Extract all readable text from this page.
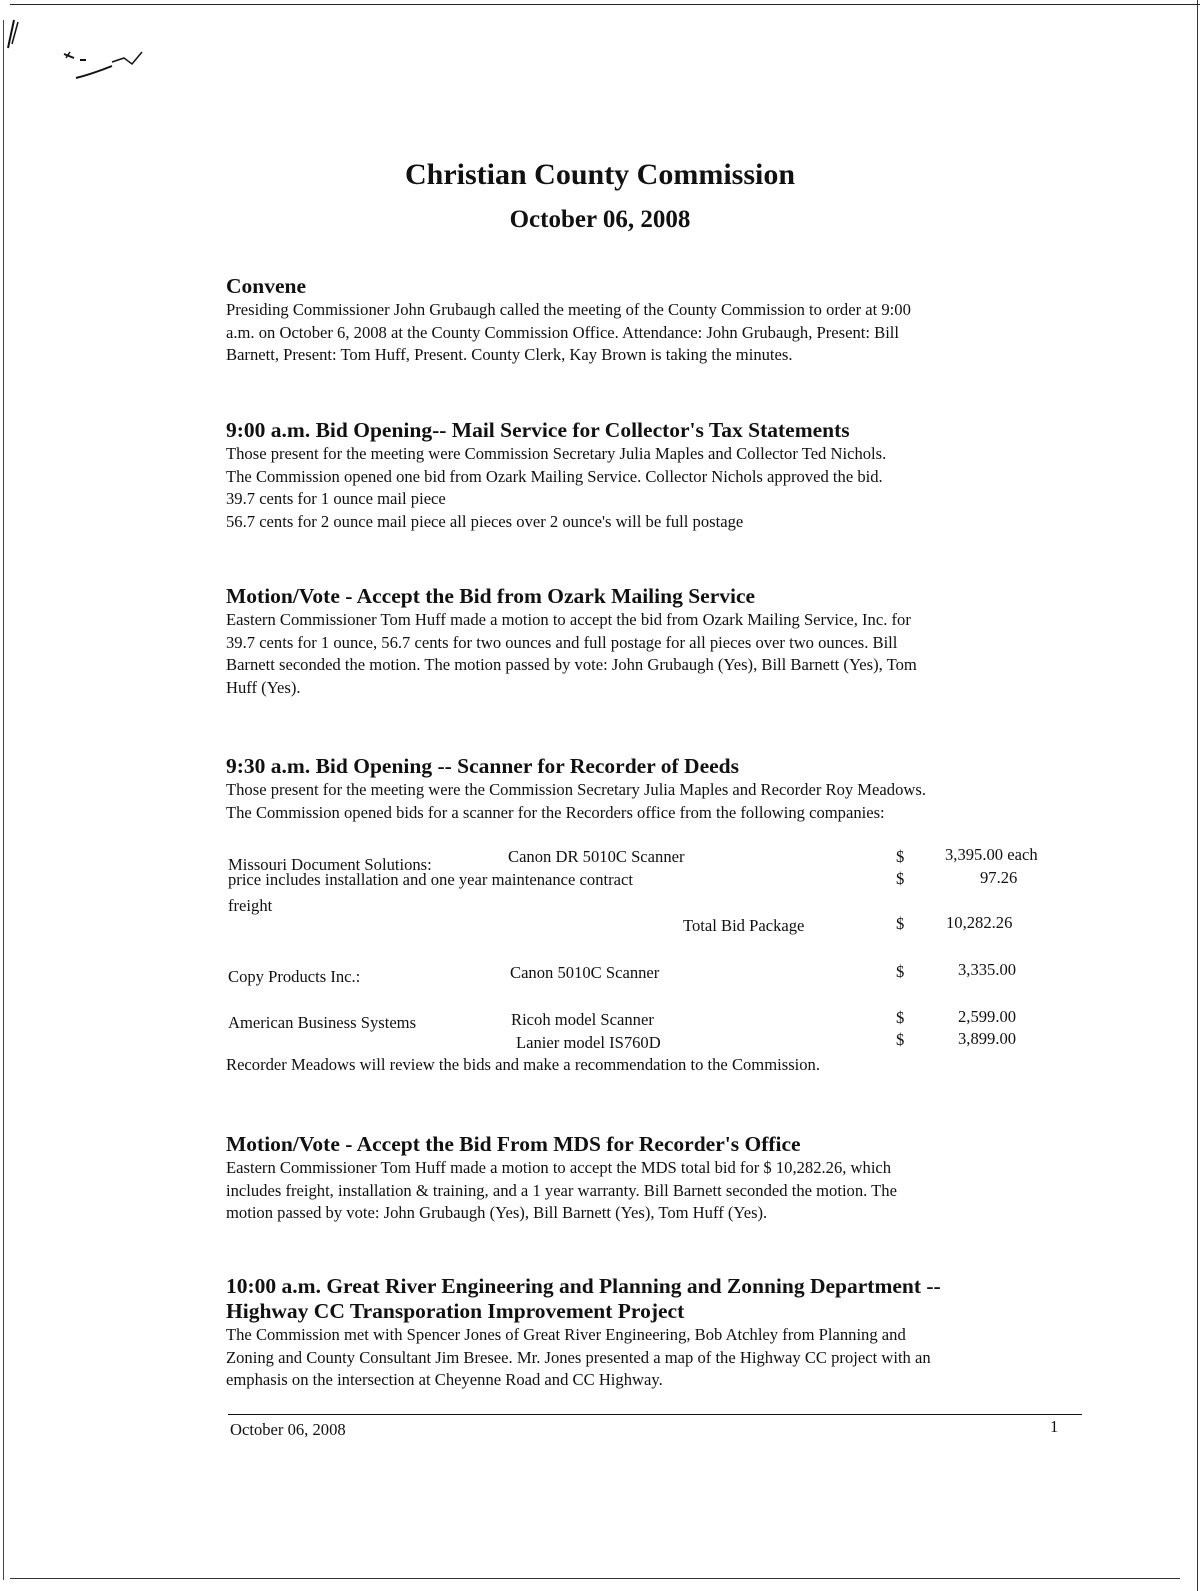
Christian County Commission
October 06, 2008
Convene
Presiding Commissioner John Grubaugh called the meeting of the County Commission to order at 9:00
a.m. on October 6, 2008 at the County Commission Office. Attendance: John Grubaugh, Present: Bill
Barnett, Present: Tom Huff, Present. County Clerk, Kay Brown is taking the minutes.
9:00 a.m. Bid Opening-- Mail Service for Collector's Tax Statements
Those present for the meeting were Commission Secretary Julia Maples and Collector Ted Nichols.
The Commission opened one bid from Ozark Mailing Service. Collector Nichols approved the bid.
39.7 cents for 1 ounce mail piece
56.7 cents for 2 ounce mail piece all pieces over 2 ounce's will be full postage
Motion/Vote - Accept the Bid from Ozark Mailing Service
Eastern Commissioner Tom Huff made a motion to accept the bid from Ozark Mailing Service, Inc. for
39.7 cents for 1 ounce, 56.7 cents for two ounces and full postage for all pieces over two ounces. Bill
Barnett seconded the motion. The motion passed by vote: John Grubaugh (Yes), Bill Barnett (Yes), Tom
Huff (Yes).
9:30 a.m. Bid Opening -- Scanner for Recorder of Deeds
Those present for the meeting were the Commission Secretary Julia Maples and Recorder Roy Meadows.
The Commission opened bids for a scanner for the Recorders office from the following companies:
Missouri Document Solutions:	Canon DR 5010C Scanner	$ 3,395.00 each
price includes installation and one year maintenance contract	$	97.26
freight
Total Bid Package	$	10,282.26
Copy Products Inc.:	Canon 5010C Scanner	$	3,335.00
American Business Systems	Ricoh model Scanner	$	2,599.00
Lanier model IS760D	$	3,899.00
Recorder Meadows will review the bids and make a recommendation to the Commission.
Motion/Vote - Accept the Bid From MDS for Recorder's Office
Eastern Commissioner Tom Huff made a motion to accept the MDS total bid for $ 10,282.26, which
includes freight, installation & training, and a 1 year warranty. Bill Barnett seconded the motion. The
motion passed by vote: John Grubaugh (Yes), Bill Barnett (Yes), Tom Huff (Yes).
10:00 a.m. Great River Engineering and Planning and Zonning Department --
Highway CC Transporation Improvement Project
The Commission met with Spencer Jones of Great River Engineering, Bob Atchley from Planning and
Zoning and County Consultant Jim Bresee. Mr. Jones presented a map of the Highway CC project with an
emphasis on the intersection at Cheyenne Road and CC Highway.
October 06, 2008	1
